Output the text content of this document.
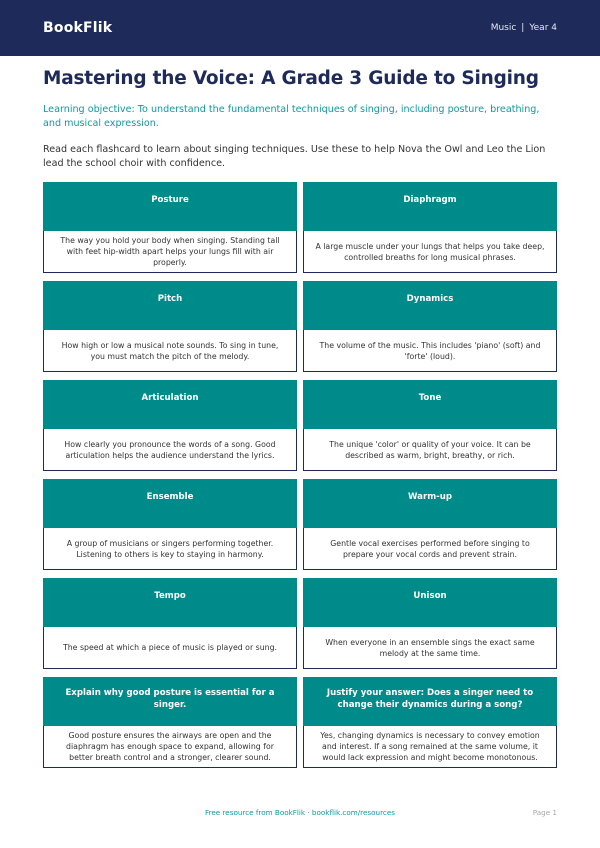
BookFlik	Music | Year 4
Mastering the Voice: A Grade 3 Guide to Singing

Learning objective: To understand the fundamental techniques of singing, including posture, breathing, and musical expression.

Read each flashcard to learn about singing techniques. Use these to help Nova the Owl and Leo the Lion lead the school choir with confidence.

Posture
The way you hold your body when singing. Standing tall with feet hip-width apart helps your lungs fill with air properly.
Diaphragm
A large muscle under your lungs that helps you take deep, controlled breaths for long musical phrases.
Pitch
How high or low a musical note sounds. To sing in tune, you must match the pitch of the melody.
Dynamics
The volume of the music. This includes 'piano' (soft) and 'forte' (loud).
Articulation
How clearly you pronounce the words of a song. Good articulation helps the audience understand the lyrics.
Tone
The unique 'color' or quality of your voice. It can be described as warm, bright, breathy, or rich.
Ensemble
A group of musicians or singers performing together. Listening to others is key to staying in harmony.
Warm-up
Gentle vocal exercises performed before singing to prepare your vocal cords and prevent strain.
Tempo
The speed at which a piece of music is played or sung.
Unison
When everyone in an ensemble sings the exact same melody at the same time.
Explain why good posture is essential for a singer.
Good posture ensures the airways are open and the diaphragm has enough space to expand, allowing for better breath control and a stronger, clearer sound.
Justify your answer: Does a singer need to change their dynamics during a song?
Yes, changing dynamics is necessary to convey emotion and interest. If a song remained at the same volume, it would lack expression and might become monotonous.
Free resource from BookFlik · bookflik.com/resources	Page 1
